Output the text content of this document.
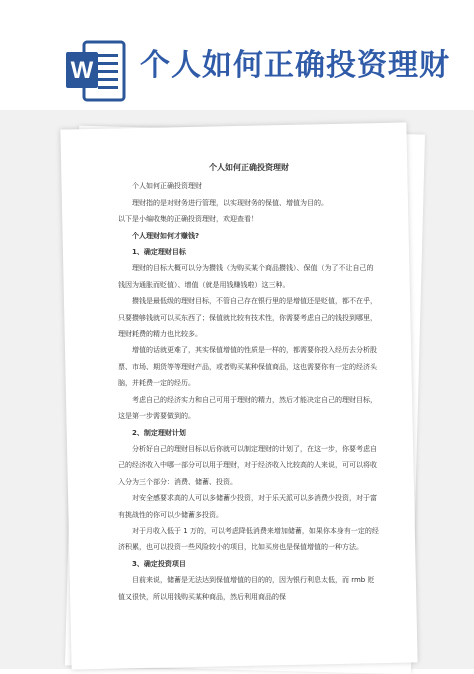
W 个人如何正确投资理财

个人如何正确投资理财

个人如何正确投资理财

理财指的是对财务进行管理，以实现财务的保值、增值为目的。

以下是小编收集的正确投资理财，欢迎查看！

个人理财如何才赚钱?

1、确定理财目标

理财的目标大概可以分为攒钱（为购买某个商品攒钱）、保值（为了不让自己的钱因为通胀而贬值）、增值（就是用钱赚钱啦）这三种。

攒钱是最低级的理财目标，不管自己存在银行里的是增值还是贬值，都不在乎，只要攒够钱就可以买东西了；保值就比较有技术性，你需要考虑自己的钱投到哪里，理财耗费的精力也比较多。

增值的话就更难了，其实保值增值的性质是一样的，都需要你投入经历去分析股票、市场、期货等等理财产品，或者购买某种保值商品，这也需要你有一定的经济头脑，并耗费一定的经历。

考虑自己的经济实力和自己可用于理财的精力，然后才能决定自己的理财目标，这是第一步需要做到的。

2、制定理财计划

分析好自己的理财目标以后你就可以制定理财的计划了，在这一步，你要考虑自己的经济收入中哪一部分可以用于理财，对于经济收入比较高的人来说，可可以将收入分为三个部分：消费、储蓄、投资。

对安全感要求高的人可以多储蓄少投资，对于乐天派可以多消费少投资，对于富有挑战性的你可以少储蓄多投资。

对于月收入低于 1 万的，可以考虑降低消费来增加储蓄，如果你本身有一定的经济积累，也可以投资一些风险较小的项目，比如买房也是保值增值的一种方法。

3、确定投资项目

目前来说，储蓄是无法达到保值增值的目的的，因为银行利息太低，而 rmb 贬值又很快，所以用钱购买某种商品，然后利用商品的保
